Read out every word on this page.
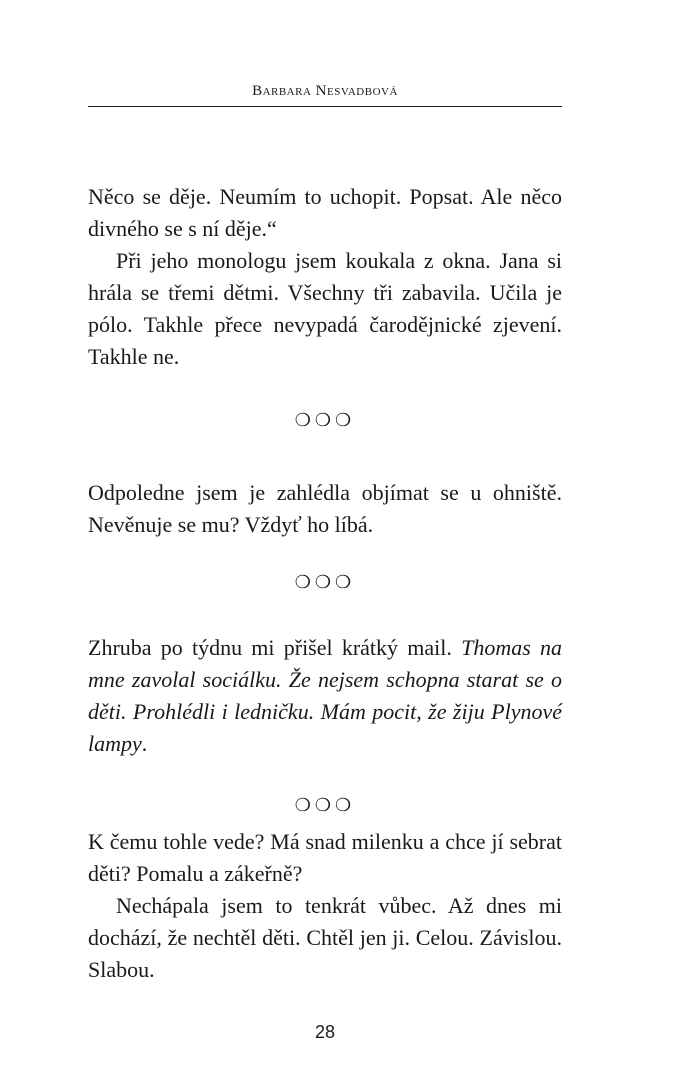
Barbara Nesvadbová

Něco se děje. Neumím to uchopit. Popsat. Ale něco divného se s ní děje.“
Při jeho monologu jsem koukala z okna. Jana si hrála se třemi dětmi. Všechny tři zabavila. Učila je pólo. Takhle přece nevypadá čarodějnické zjevení. Takhle ne.

❍❍❍

Odpoledne jsem je zahlédla objímat se u ohniště. Nevěnuje se mu? Vždyť ho líbá.

❍❍❍

Zhruba po týdnu mi přišel krátký mail. Thomas na mne zavolal sociálku. Že nejsem schopna starat se o děti. Prohlédli i ledničku. Mám pocit, že žiju Plynové lampy.

❍❍❍

K čemu tohle vede? Má snad milenku a chce jí sebrat děti? Pomalu a zákeřně?
Nechápala jsem to tenkrát vůbec. Až dnes mi dochází, že nechtěl děti. Chtěl jen ji. Celou. Závislou. Slabou.

28
